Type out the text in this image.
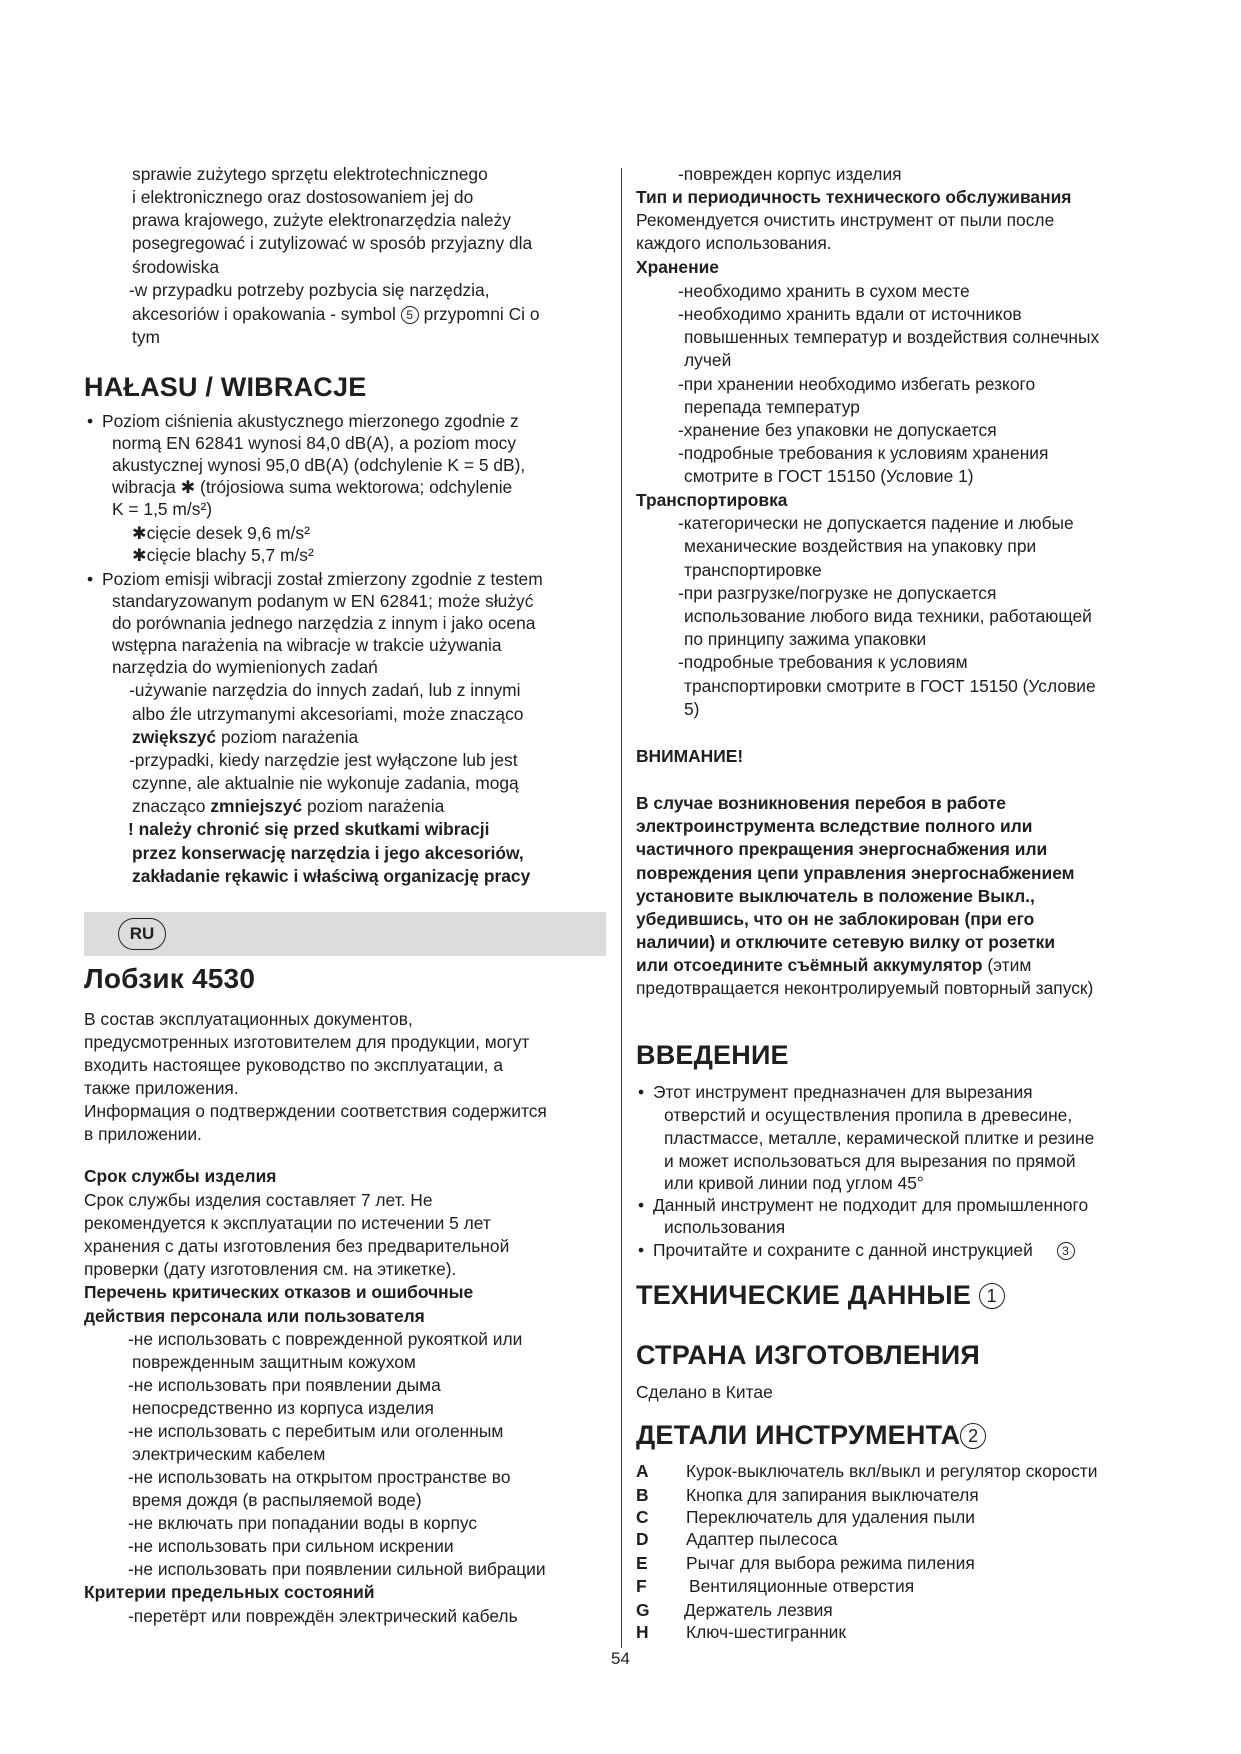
sprawie zużytego sprzętu elektrotechnicznego
i elektronicznego oraz dostosowaniem jej do
prawa krajowego, zużyte elektronarzędzia należy
posegregować i zutylizować w sposób przyjazny dla
środowiska
-w przypadku potrzeby pozbycia się narzędzia,
akcesoriów i opakowania - symbol 5 przypomni Ci o
tym
HAŁASU / WIBRACJE
• Poziom ciśnienia akustycznego mierzonego zgodnie z
normą EN 62841 wynosi 84,0 dB(A), a poziom mocy
akustycznej wynosi 95,0 dB(A) (odchylenie K = 5 dB),
wibracja ✱ (trójosiowa suma wektorowa; odchylenie
K = 1,5 m/s²)
✱cięcie desek 9,6 m/s²
✱cięcie blachy 5,7 m/s²
• Poziom emisji wibracji został zmierzony zgodnie z testem
standaryzowanym podanym w EN 62841; może służyć
do porównania jednego narzędzia z innym i jako ocena
wstępna narażenia na wibracje w trakcie używania
narzędzia do wymienionych zadań
-używanie narzędzia do innych zadań, lub z innymi
albo źle utrzymanymi akcesoriami, może znacząco
zwiększyć poziom narażenia
-przypadki, kiedy narzędzie jest wyłączone lub jest
czynne, ale aktualnie nie wykonuje zadania, mogą
znacząco zmniejszyć poziom narażenia
! należy chronić się przed skutkami wibracji
przez konserwację narzędzia i jego akcesoriów,
zakładanie rękawic i właściwą organizację pracy
RU
Лобзик 4530
В состав эксплуатационных документов,
предусмотренных изготовителем для продукции, могут
входить настоящее руководство по эксплуатации, а
также приложения.
Информация о подтверждении соответствия содержится
в приложении.
Срок службы изделия
Срок службы изделия составляет 7 лет. Не
рекомендуется к эксплуатации по истечении 5 лет
хранения с даты изготовления без предварительной
проверки (дату изготовления см. на этикетке).
Перечень критических отказов и ошибочные
действия персонала или пользователя
-не использовать с поврежденной рукояткой или
поврежденным защитным кожухом
-не использовать при появлении дыма
непосредственно из корпуса изделия
-не использовать с перебитым или оголенным
электрическим кабелем
-не использовать на открытом пространстве во
время дождя (в распыляемой воде)
-не включать при попадании воды в корпус
-не использовать при сильном искрении
-не использовать при появлении сильной вибрации
Критерии предельных состояний
-перетёрт или повреждён электрический кабель
-поврежден корпус изделия
Тип и периодичность технического обслуживания
Рекомендуется очистить инструмент от пыли после
каждого использования.
Хранение
-необходимо хранить в сухом месте
-необходимо хранить вдали от источников
повышенных температур и воздействия солнечных
лучей
-при хранении необходимо избегать резкого
перепада температур
-хранение без упаковки не допускается
-подробные требования к условиям хранения
смотрите в ГОСТ 15150 (Условие 1)
Транспортировка
-категорически не допускается падение и любые
механические воздействия на упаковку при
транспортировке
-при разгрузке/погрузке не допускается
использование любого вида техники, работающей
по принципу зажима упаковки
-подробные требования к условиям
транспортировки смотрите в ГОСТ 15150 (Условие
5)
ВНИМАНИЕ!
В случае возникновения перебоя в работе
электроинструмента вследствие полного или
частичного прекращения энергоснабжения или
повреждения цепи управления энергоснабжением
установите выключатель в положение Выкл.,
убедившись, что он не заблокирован (при его
наличии) и отключите сетевую вилку от розетки
или отсоедините съёмный аккумулятор (этим
предотвращается неконтролируемый повторный запуск)
ВВЕДЕНИЕ
• Этот инструмент предназначен для вырезания
отверстий и осуществления пропила в древесине,
пластмассе, металле, керамической плитке и резине
и может использоваться для вырезания по прямой
или кривой линии под углом 45°
• Данный инструмент не подходит для промышленного
использования
• Прочитайте и сохраните с данной инструкцией 3
ТЕХНИЧЕСКИЕ ДАННЫЕ 1
СТРАНА ИЗГОТОВЛЕНИЯ
Сделано в Китае
ДЕТАЛИ ИНСТРУМЕНТА 2
A Курок-выключатель вкл/выкл и регулятор скорости
B Кнопка для запирания выключателя
C Переключатель для удаления пыли
D Адаптер пылесоса
E Рычаг для выбора режима пиления
F Вентиляционные отверстия
G Держатель лезвия
H Ключ-шестигранник
54
